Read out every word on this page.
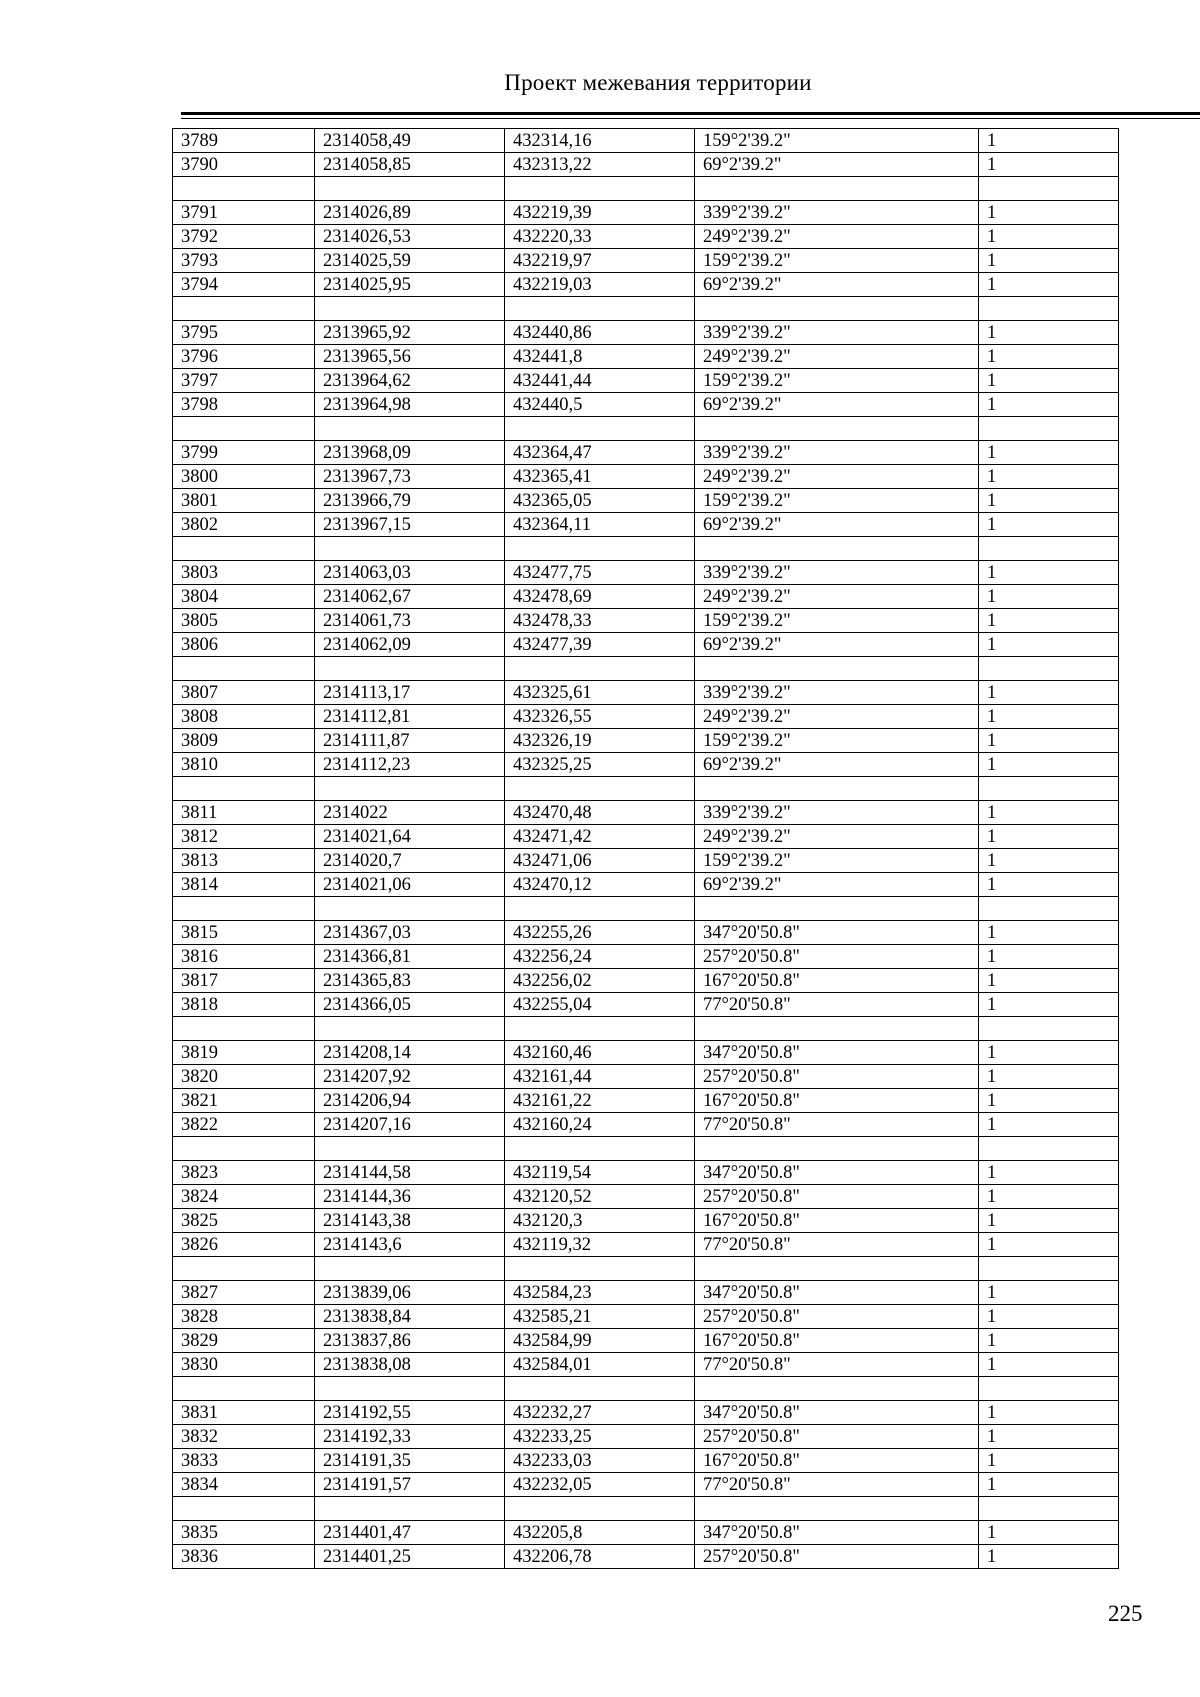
Проект межевания территории
3789	2314058,49	432314,16	159°2'39.2"	1
3790	2314058,85	432313,22	69°2'39.2"	1

3791	2314026,89	432219,39	339°2'39.2"	1
3792	2314026,53	432220,33	249°2'39.2"	1
3793	2314025,59	432219,97	159°2'39.2"	1
3794	2314025,95	432219,03	69°2'39.2"	1

3795	2313965,92	432440,86	339°2'39.2"	1
3796	2313965,56	432441,8	249°2'39.2"	1
3797	2313964,62	432441,44	159°2'39.2"	1
3798	2313964,98	432440,5	69°2'39.2"	1

3799	2313968,09	432364,47	339°2'39.2"	1
3800	2313967,73	432365,41	249°2'39.2"	1
3801	2313966,79	432365,05	159°2'39.2"	1
3802	2313967,15	432364,11	69°2'39.2"	1

3803	2314063,03	432477,75	339°2'39.2"	1
3804	2314062,67	432478,69	249°2'39.2"	1
3805	2314061,73	432478,33	159°2'39.2"	1
3806	2314062,09	432477,39	69°2'39.2"	1

3807	2314113,17	432325,61	339°2'39.2"	1
3808	2314112,81	432326,55	249°2'39.2"	1
3809	2314111,87	432326,19	159°2'39.2"	1
3810	2314112,23	432325,25	69°2'39.2"	1

3811	2314022	432470,48	339°2'39.2"	1
3812	2314021,64	432471,42	249°2'39.2"	1
3813	2314020,7	432471,06	159°2'39.2"	1
3814	2314021,06	432470,12	69°2'39.2"	1

3815	2314367,03	432255,26	347°20'50.8"	1
3816	2314366,81	432256,24	257°20'50.8"	1
3817	2314365,83	432256,02	167°20'50.8"	1
3818	2314366,05	432255,04	77°20'50.8"	1

3819	2314208,14	432160,46	347°20'50.8"	1
3820	2314207,92	432161,44	257°20'50.8"	1
3821	2314206,94	432161,22	167°20'50.8"	1
3822	2314207,16	432160,24	77°20'50.8"	1

3823	2314144,58	432119,54	347°20'50.8"	1
3824	2314144,36	432120,52	257°20'50.8"	1
3825	2314143,38	432120,3	167°20'50.8"	1
3826	2314143,6	432119,32	77°20'50.8"	1

3827	2313839,06	432584,23	347°20'50.8"	1
3828	2313838,84	432585,21	257°20'50.8"	1
3829	2313837,86	432584,99	167°20'50.8"	1
3830	2313838,08	432584,01	77°20'50.8"	1

3831	2314192,55	432232,27	347°20'50.8"	1
3832	2314192,33	432233,25	257°20'50.8"	1
3833	2314191,35	432233,03	167°20'50.8"	1
3834	2314191,57	432232,05	77°20'50.8"	1

3835	2314401,47	432205,8	347°20'50.8"	1
3836	2314401,25	432206,78	257°20'50.8"	1
225
